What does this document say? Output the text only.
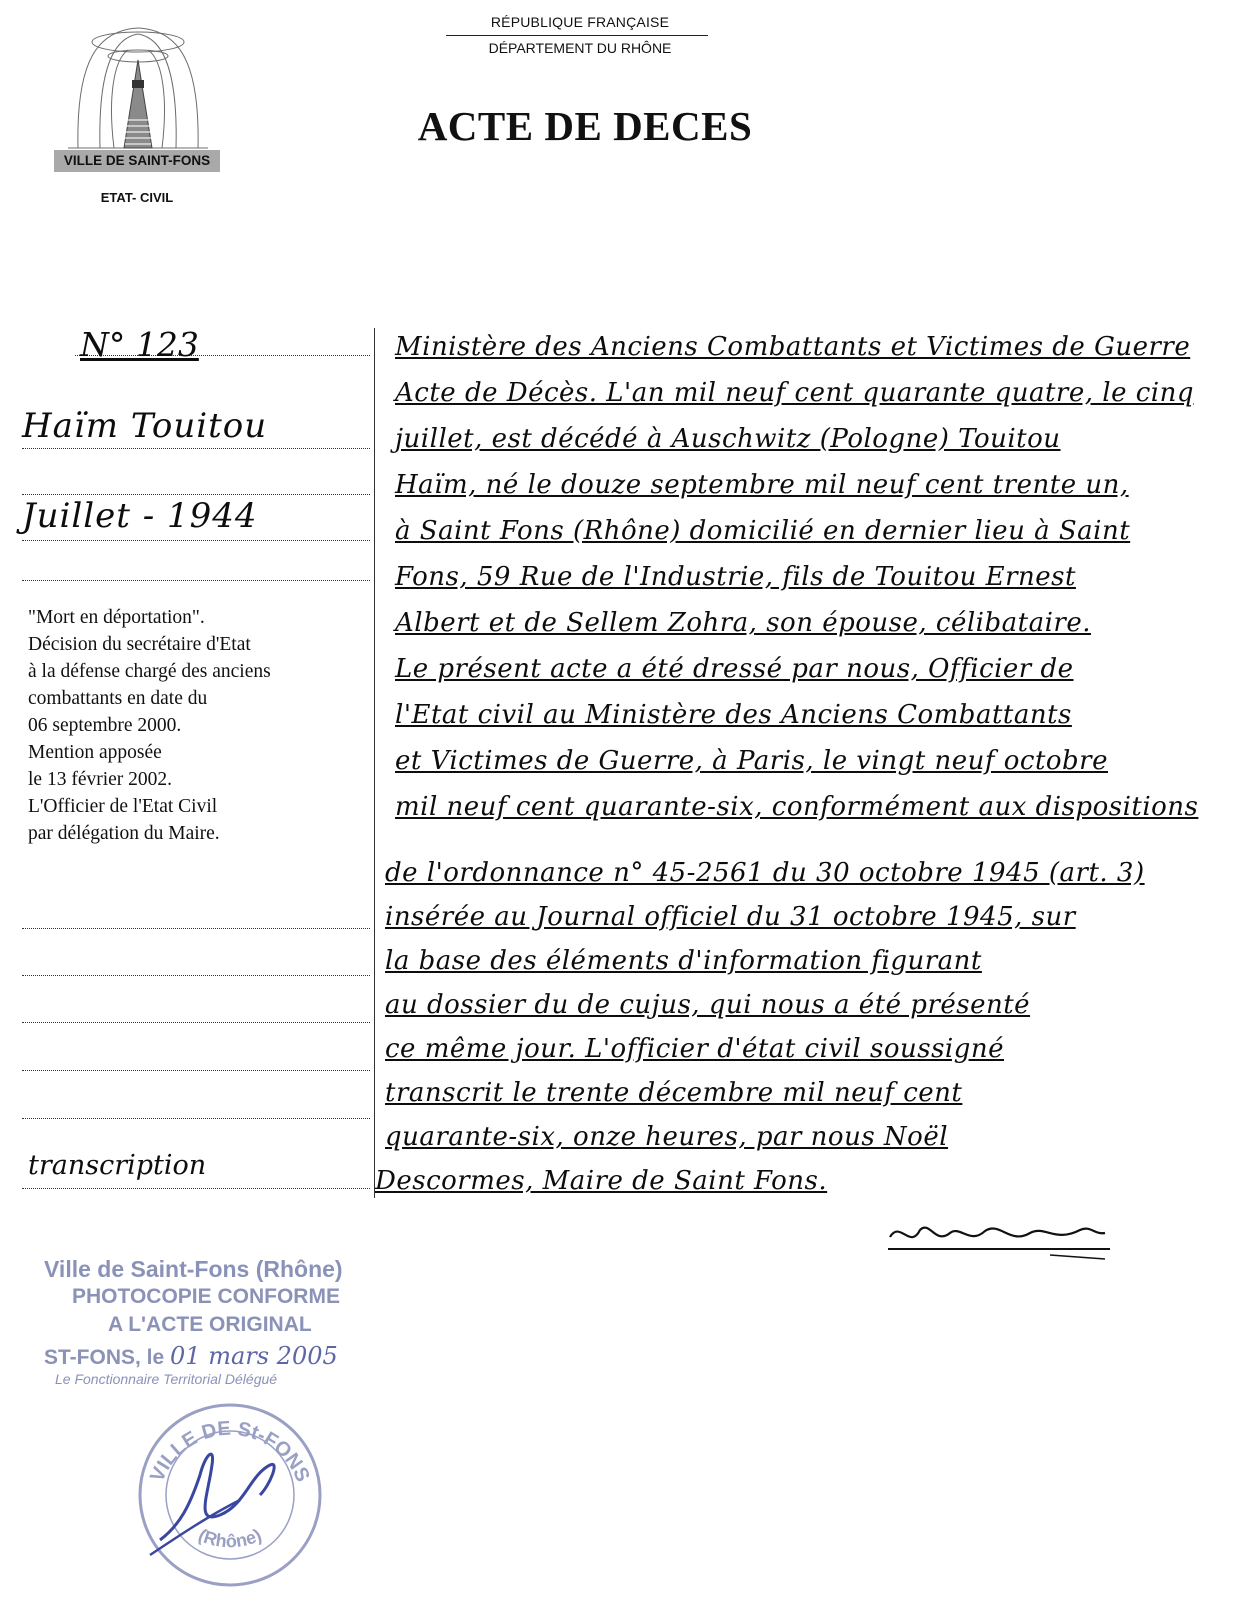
RÉPUBLIQUE FRANÇAISE
DÉPARTEMENT DU RHÔNE
ACTE DE DECES
VILLE DE SAINT-FONS
ETAT- CIVIL
N° 123
Haïm Touitou
Juillet - 1944
"Mort en déportation".
Décision du secrétaire d'Etat
à la défense chargé des anciens
combattants en date du
06 septembre 2000.
Mention apposée
le 13 février 2002.
L'Officier de l'Etat Civil
par délégation du Maire.
transcription
Ministère des Anciens Combattants et Victimes de Guerre
Acte de Décès. L'an mil neuf cent quarante quatre, le cinq
juillet, est décédé à Auschwitz (Pologne) Touitou
Haïm, né le douze septembre mil neuf cent trente un,
à Saint Fons (Rhône) domicilié en dernier lieu à Saint
Fons, 59 Rue de l'Industrie, fils de Touitou Ernest
Albert et de Sellem Zohra, son épouse, célibataire.
Le présent acte a été dressé par nous, Officier de
l'Etat civil au Ministère des Anciens Combattants
et Victimes de Guerre, à Paris, le vingt neuf octobre
mil neuf cent quarante-six, conformément aux dispositions
de l'ordonnance n° 45-2561 du 30 octobre 1945 (art. 3)
insérée au Journal officiel du 31 octobre 1945, sur
la base des éléments d'information figurant
au dossier du de cujus, qui nous a été présenté
ce même jour. L'officier d'état civil soussigné
transcrit le trente décembre mil neuf cent
quarante-six, onze heures, par nous Noël
Descormes, Maire de Saint Fons.
Ville de Saint-Fons (Rhône)
PHOTOCOPIE CONFORME
A L'ACTE ORIGINAL
ST-FONS, le 01 mars 2005
Le Fonctionnaire Territorial Délégué
VILLE DE St-FONS
(Rhône)
